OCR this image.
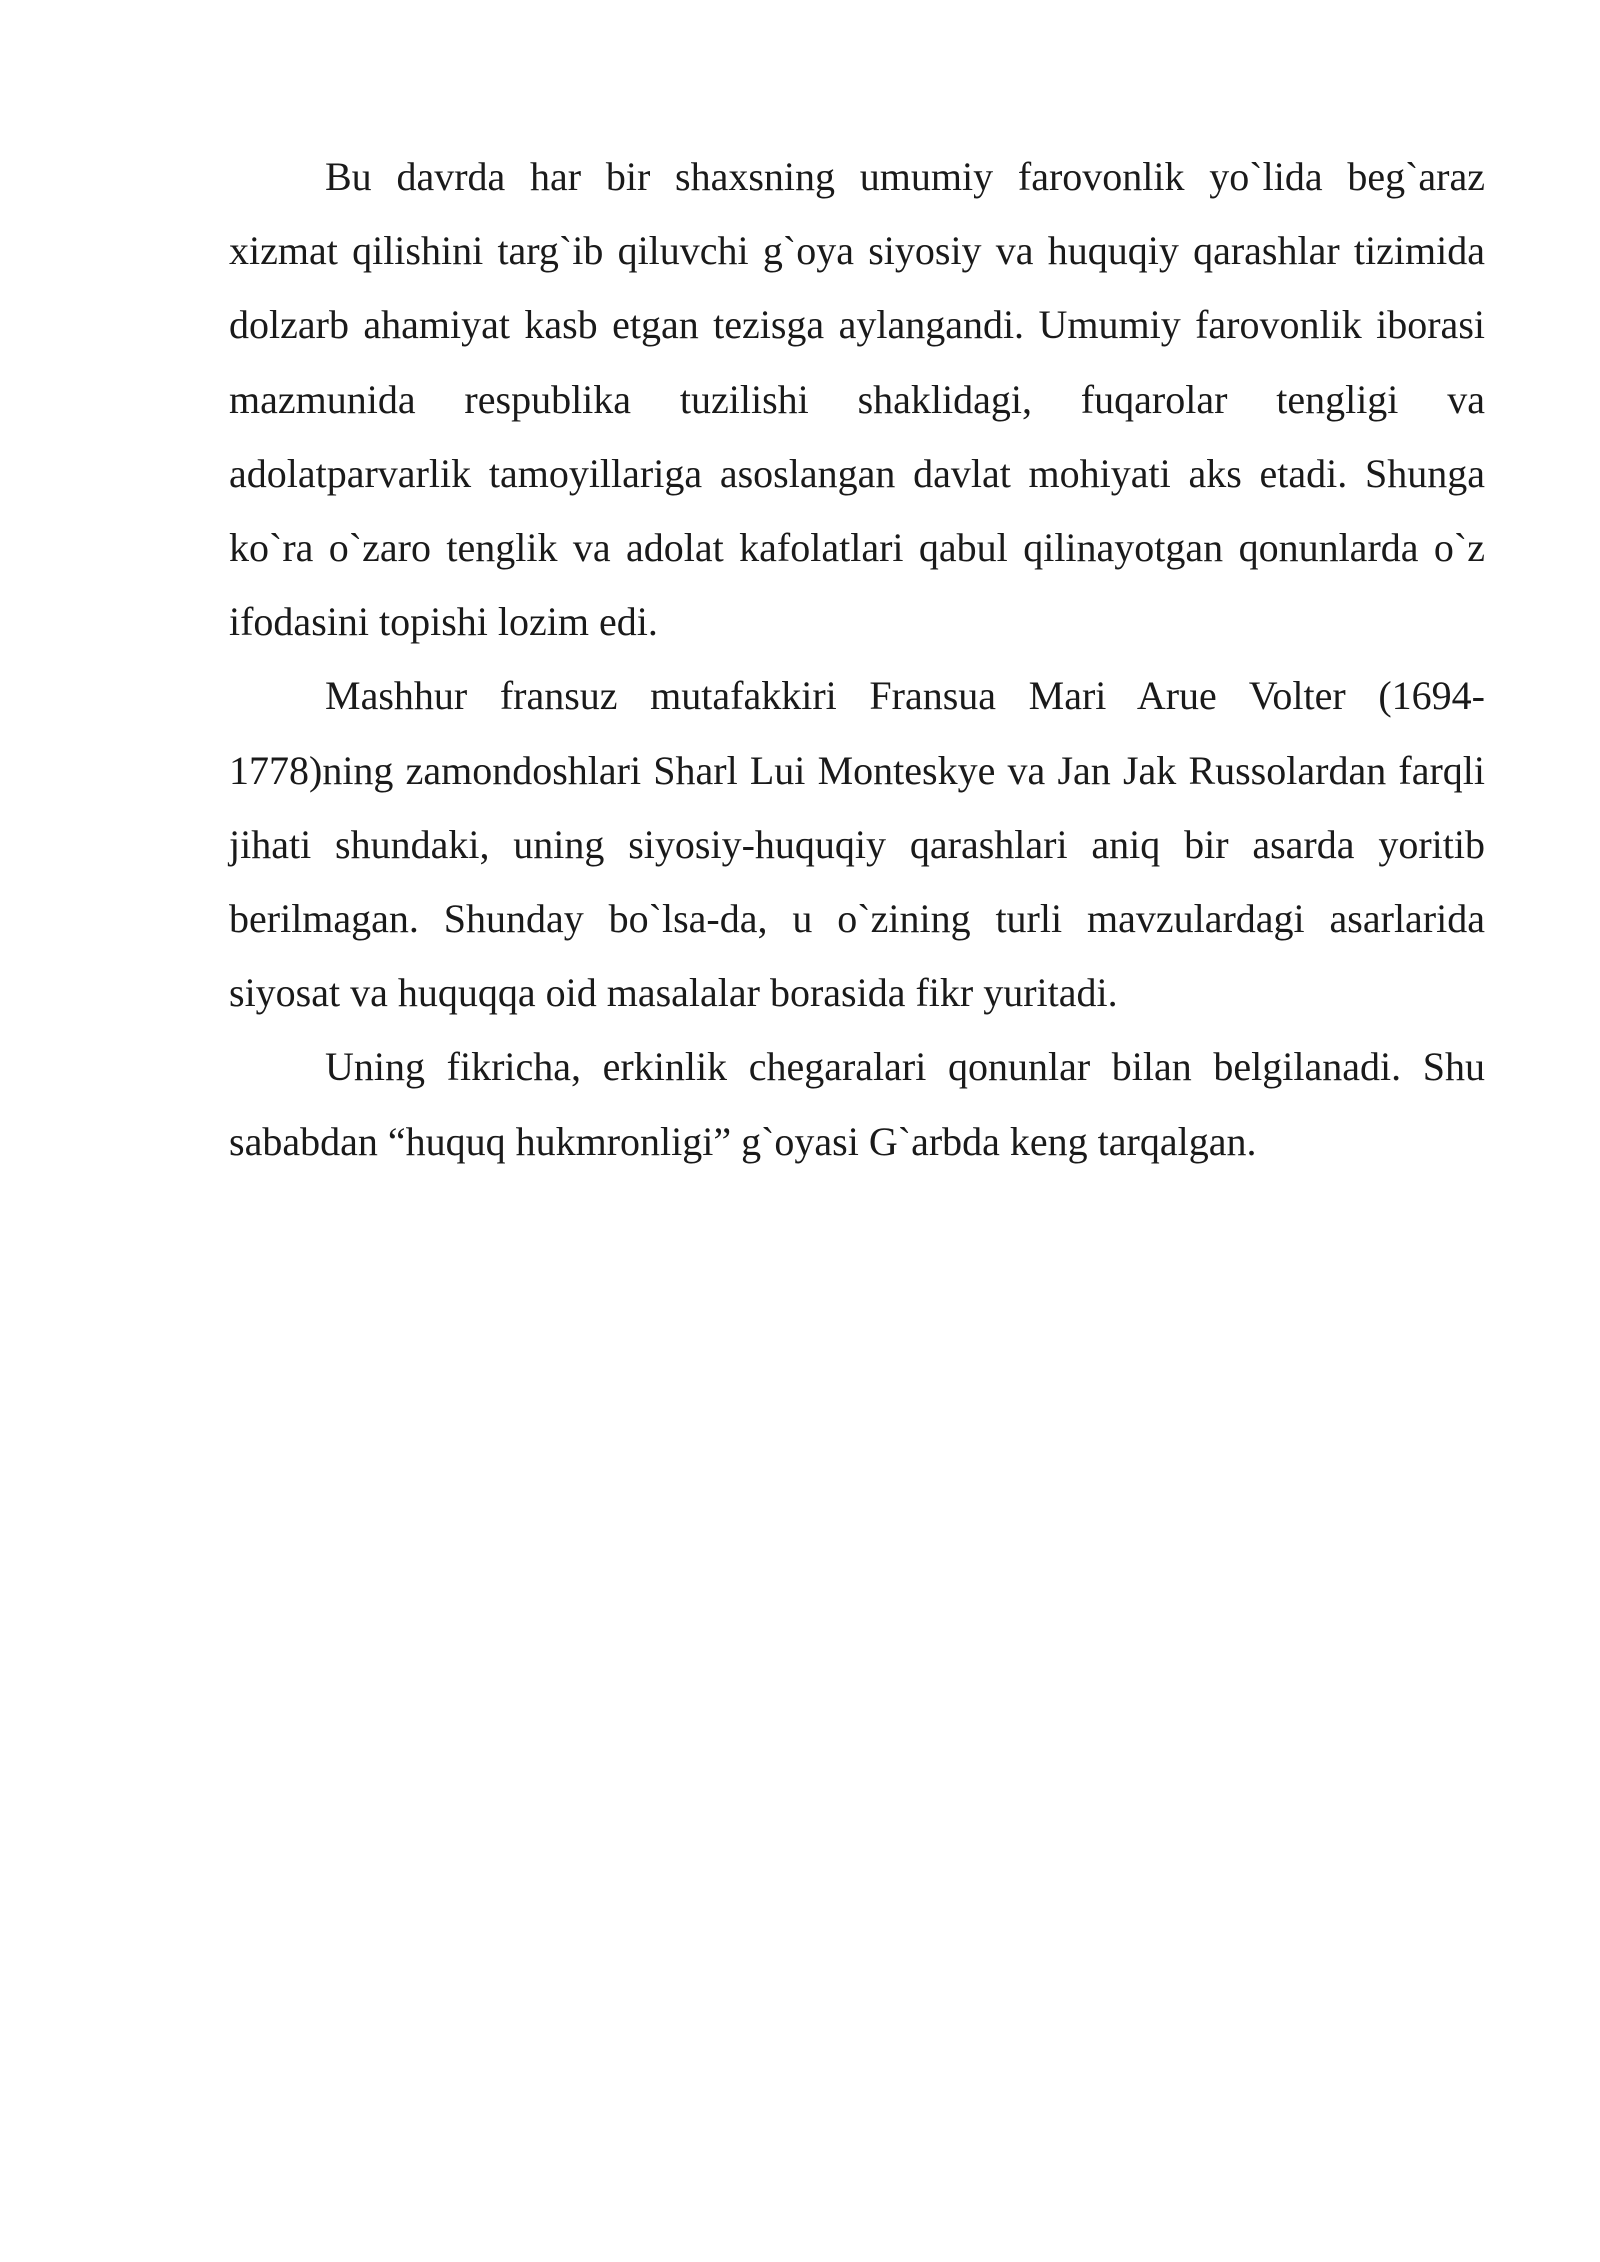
Bu davrda har bir shaxsning umumiy farovonlik yo`lida beg`araz xizmat qilishini targ`ib qiluvchi g`oya siyosiy va huquqiy qarashlar tizimida dolzarb ahamiyat kasb etgan tezisga aylangandi. Umumiy farovonlik iborasi mazmunida respublika tuzilishi shaklidagi, fuqarolar tengligi va adolatparvarlik tamoyillariga asoslangan davlat mohiyati aks etadi. Shunga ko`ra o`zaro tenglik va adolat kafolatlari qabul qilinayotgan qonunlarda o`z ifodasini topishi lozim edi.

Mashhur fransuz mutafakkiri Fransua Mari Arue Volter (1694-1778)ning zamondoshlari Sharl Lui Monteskye va Jan Jak Russolardan farqli jihati shundaki, uning siyosiy-huquqiy qarashlari aniq bir asarda yoritib berilmagan. Shunday bo`lsa-da, u o`zining turli mavzulardagi asarlarida siyosat va huquqqa oid masalalar borasida fikr yuritadi.

Uning fikricha, erkinlik chegaralari qonunlar bilan belgilanadi. Shu sababdan “huquq hukmronligi” g`oyasi G`arbda keng tarqalgan.
